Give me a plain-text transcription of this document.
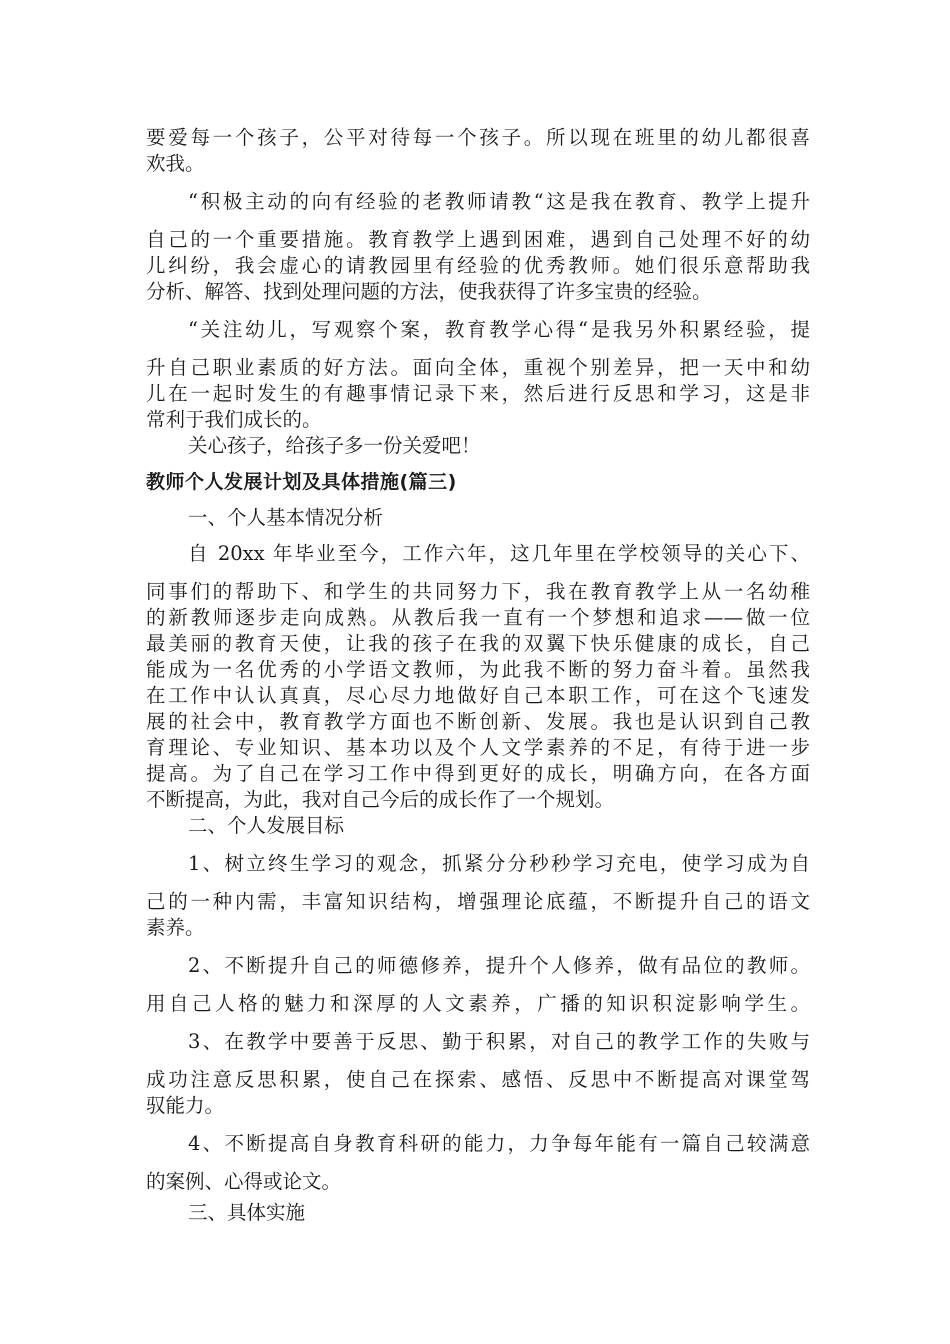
要爱每一个孩子，公平对待每一个孩子。所以现在班里的幼儿都很喜
欢我。
“积极主动的向有经验的老教师请教“这是我在教育、教学上提升
自己的一个重要措施。教育教学上遇到困难，遇到自己处理不好的幼
儿纠纷，我会虚心的请教园里有经验的优秀教师。她们很乐意帮助我
分析、解答、找到处理问题的方法，使我获得了许多宝贵的经验。
“关注幼儿，写观察个案，教育教学心得“是我另外积累经验，提
升自己职业素质的好方法。面向全体，重视个别差异，把一天中和幼
儿在一起时发生的有趣事情记录下来，然后进行反思和学习，这是非
常利于我们成长的。
关心孩子，给孩子多一份关爱吧！
教师个人发展计划及具体措施(篇三)
一、个人基本情况分析
自 20xx 年毕业至今，工作六年，这几年里在学校领导的关心下、
同事们的帮助下、和学生的共同努力下，我在教育教学上从一名幼稚
的新教师逐步走向成熟。从教后我一直有一个梦想和追求——做一位
最美丽的教育天使，让我的孩子在我的双翼下快乐健康的成长，自己
能成为一名优秀的小学语文教师，为此我不断的努力奋斗着。虽然我
在工作中认认真真，尽心尽力地做好自己本职工作，可在这个飞速发
展的社会中，教育教学方面也不断创新、发展。我也是认识到自己教
育理论、专业知识、基本功以及个人文学素养的不足，有待于进一步
提高。为了自己在学习工作中得到更好的成长，明确方向，在各方面
不断提高，为此，我对自己今后的成长作了一个规划。
二、个人发展目标
1、树立终生学习的观念，抓紧分分秒秒学习充电，使学习成为自
己的一种内需，丰富知识结构，增强理论底蕴，不断提升自己的语文
素养。
2、不断提升自己的师德修养，提升个人修养，做有品位的教师。
用自己人格的魅力和深厚的人文素养，广播的知识积淀影响学生。
3、在教学中要善于反思、勤于积累，对自己的教学工作的失败与
成功注意反思积累，使自己在探索、感悟、反思中不断提高对课堂驾
驭能力。
4、不断提高自身教育科研的能力，力争每年能有一篇自己较满意
的案例、心得或论文。
三、具体实施
